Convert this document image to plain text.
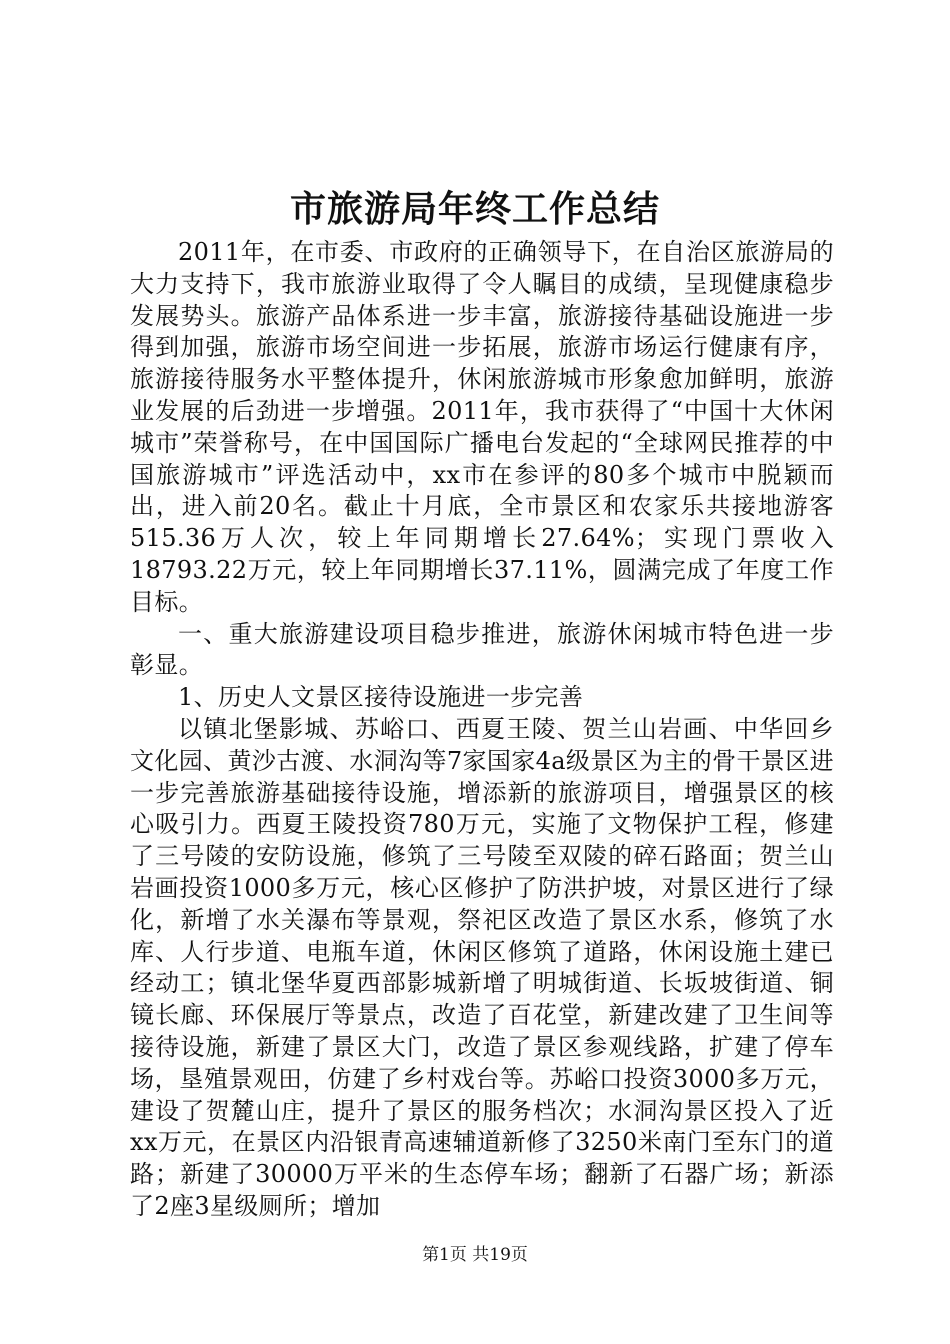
市旅游局年终工作总结

2011年，在市委、市政府的正确领导下，在自治区旅游局的大力支持下，我市旅游业取得了令人瞩目的成绩，呈现健康稳步发展势头。旅游产品体系进一步丰富，旅游接待基础设施进一步得到加强，旅游市场空间进一步拓展，旅游市场运行健康有序，旅游接待服务水平整体提升，休闲旅游城市形象愈加鲜明，旅游业发展的后劲进一步增强。2011年，我市获得了“中国十大休闲城市”荣誉称号，在中国国际广播电台发起的“全球网民推荐的中国旅游城市”评选活动中，xx市在参评的80多个城市中脱颖而出，进入前20名。截止十月底，全市景区和农家乐共接地游客515.36万人次，较上年同期增长27.64%；实现门票收入18793.22万元，较上年同期增长37.11%，圆满完成了年度工作目标。

一、重大旅游建设项目稳步推进，旅游休闲城市特色进一步彰显。

1、历史人文景区接待设施进一步完善

以镇北堡影城、苏峪口、西夏王陵、贺兰山岩画、中华回乡文化园、黄沙古渡、水洞沟等7家国家4a级景区为主的骨干景区进一步完善旅游基础接待设施，增添新的旅游项目，增强景区的核心吸引力。西夏王陵投资780万元，实施了文物保护工程，修建了三号陵的安防设施，修筑了三号陵至双陵的碎石路面；贺兰山岩画投资1000多万元，核心区修护了防洪护坡，对景区进行了绿化，新增了水关瀑布等景观，祭祀区改造了景区水系，修筑了水库、人行步道、电瓶车道，休闲区修筑了道路，休闲设施土建已经动工；镇北堡华夏西部影城新增了明城街道、长坂坡街道、铜镜长廊、环保展厅等景点，改造了百花堂，新建改建了卫生间等接待设施，新建了景区大门，改造了景区参观线路，扩建了停车场，垦殖景观田，仿建了乡村戏台等。苏峪口投资3000多万元，建设了贺麓山庄，提升了景区的服务档次；水洞沟景区投入了近xx万元，在景区内沿银青高速辅道新修了3250米南门至东门的道路；新建了30000万平米的生态停车场；翻新了石器广场；新添了2座3星级厕所；增加

第1页 共19页
